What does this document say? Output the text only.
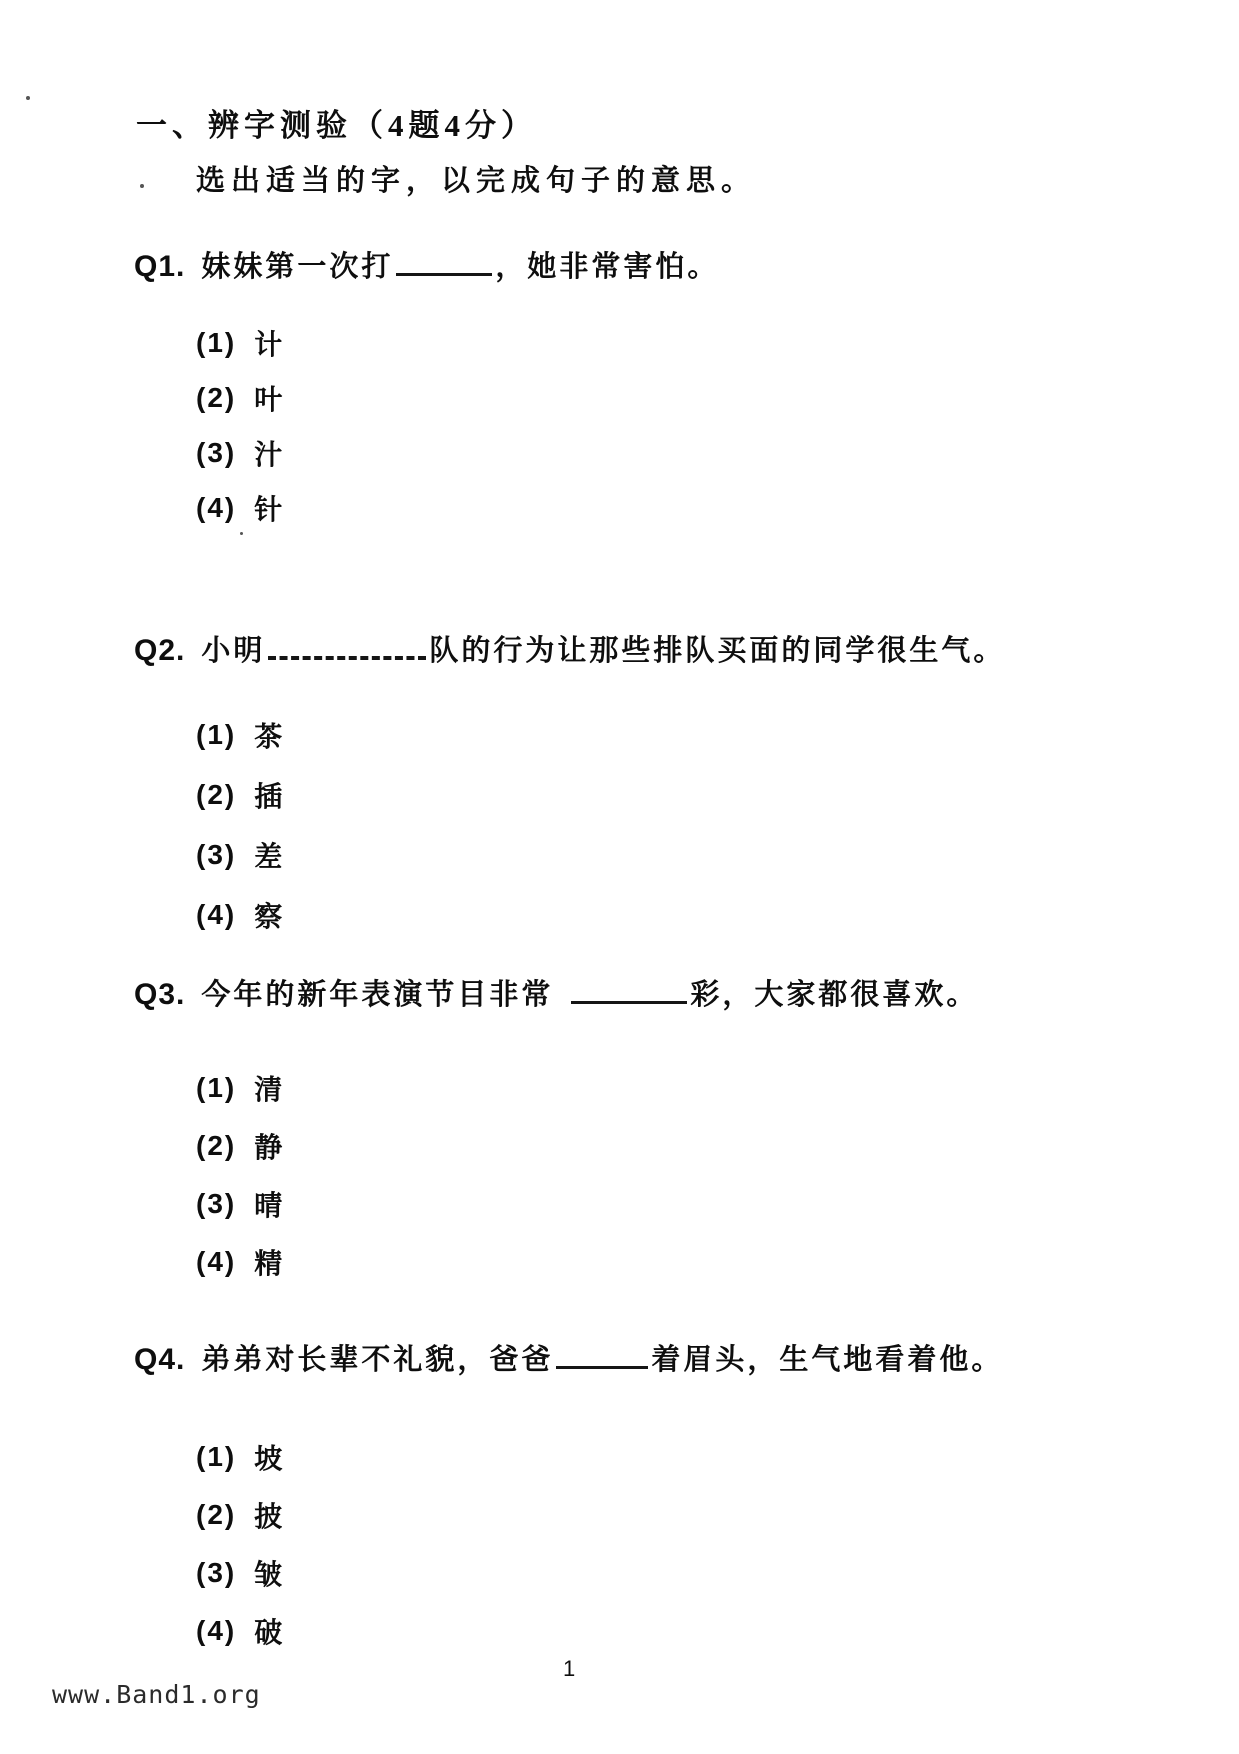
一、辨字测验（4题4分）
选出适当的字，以完成句子的意思。
Q1. 妹妹第一次打	，她非常害怕。
(1) 计
(2) 叶
(3) 汁
(4) 针
Q2. 小明	队的行为让那些排队买面的同学很生气。
(1) 茶
(2) 插
(3) 差
(4) 察
Q3. 今年的新年表演节目非常	彩，大家都很喜欢。
(1) 清
(2) 静
(3) 晴
(4) 精
Q4. 弟弟对长辈不礼貌，爸爸	着眉头，生气地看着他。
(1) 坡
(2) 披
(3) 皱
(4) 破
1
www.Band1.org
